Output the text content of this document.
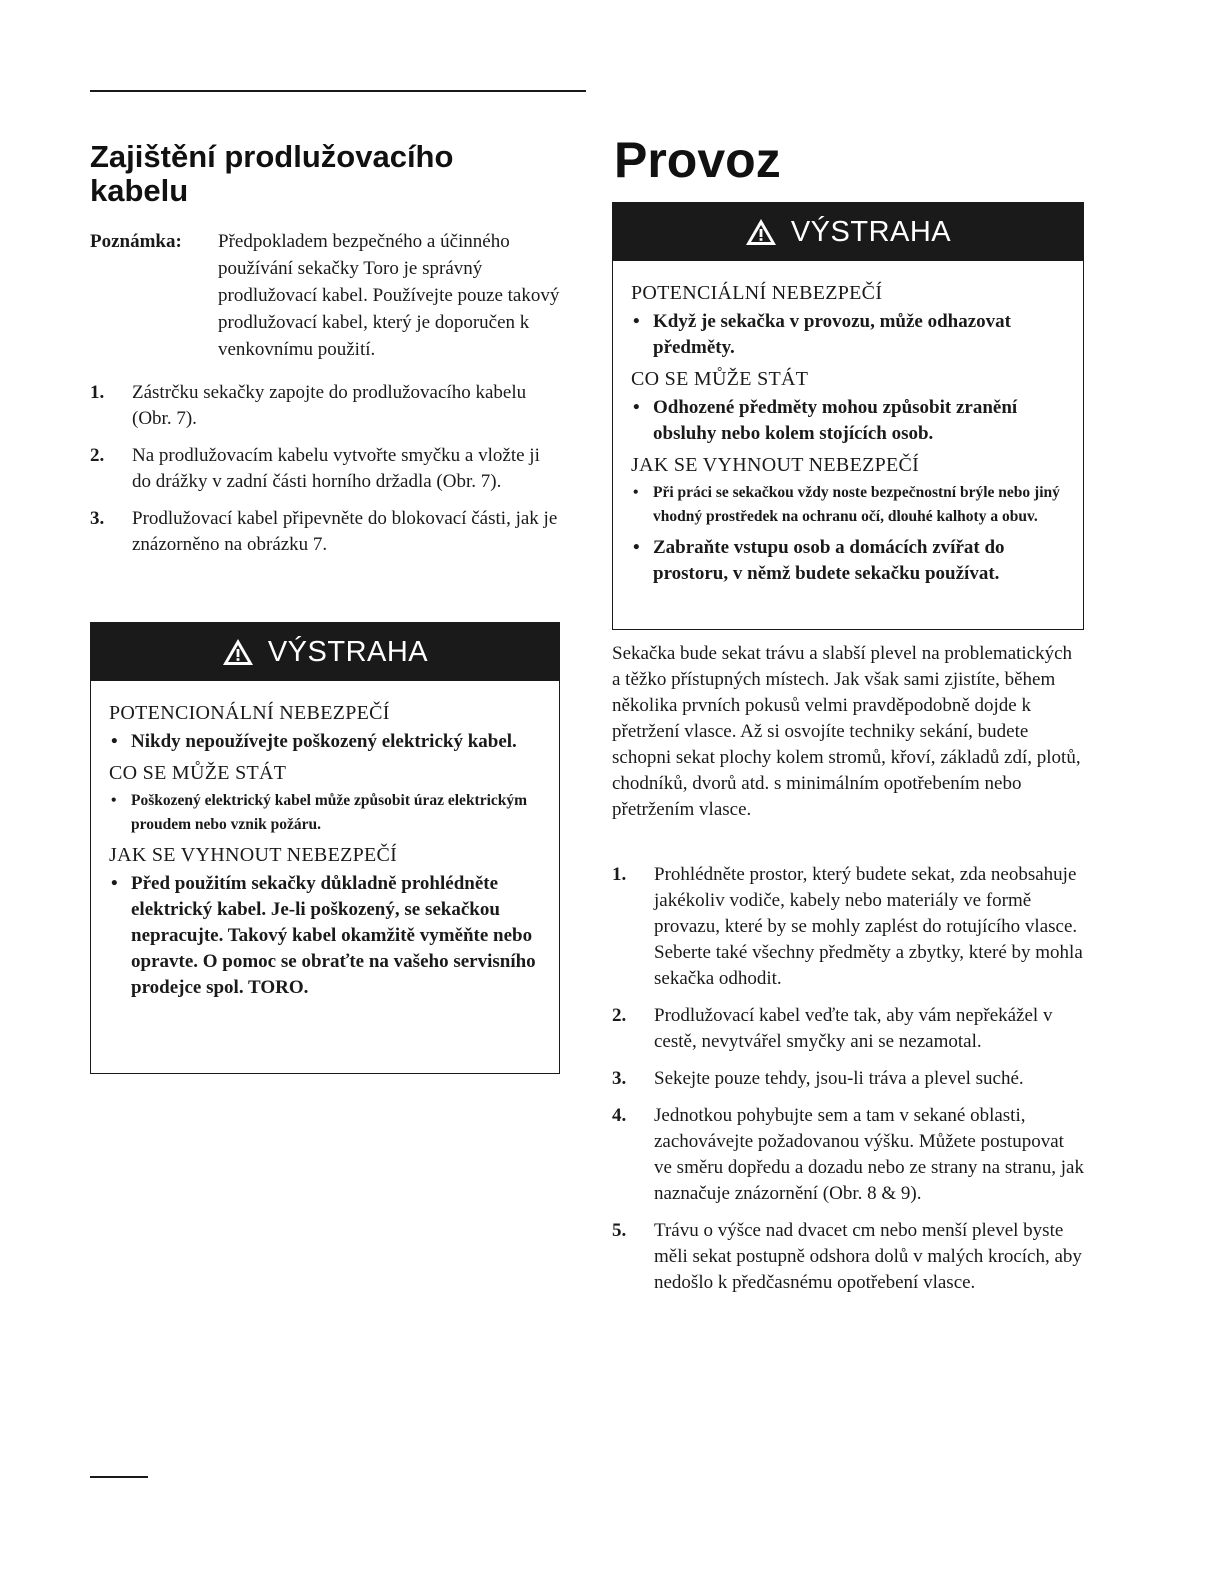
Zajištění prodlužovacího kabelu
Poznámka: Předpokladem bezpečného a účinného používání sekačky Toro je správný prodlužovací kabel. Používejte pouze takový prodlužovací kabel, který je doporučen k venkovnímu použití.
1. Zástrčku sekačky zapojte do prodlužovacího kabelu (Obr. 7).
2. Na prodlužovacím kabelu vytvořte smyčku a vložte ji do drážky v zadní části horního držadla (Obr. 7).
3. Prodlužovací kabel připevněte do blokovací části, jak je znázorněno na obrázku 7.
VÝSTRAHA
POTENCIONÁLNÍ NEBEZPEČÍ
• Nikdy nepoužívejte poškozený elektrický kabel.
CO SE MŮŽE STÁT
• Poškozený elektrický kabel může způsobit úraz elektrickým proudem nebo vznik požáru.
JAK SE VYHNOUT NEBEZPEČÍ
• Před použitím sekačky důkladně prohlédněte elektrický kabel. Je-li poškozený, se sekačkou nepracujte. Takový kabel okamžitě vyměňte nebo opravte. O pomoc se obraťte na vašeho servisního prodejce spol. TORO.
Provoz
VÝSTRAHA
POTENCIÁLNÍ NEBEZPEČÍ
• Když je sekačka v provozu, může odhazovat předměty.
CO SE MŮŽE STÁT
• Odhozené předměty mohou způsobit zranění obsluhy nebo kolem stojících osob.
JAK SE VYHNOUT NEBEZPEČÍ
• Při práci se sekačkou vždy noste bezpečnostní brýle nebo jiný vhodný prostředek na ochranu očí, dlouhé kalhoty a obuv.
• Zabraňte vstupu osob a domácích zvířat do prostoru, v němž budete sekačku používat.

Sekačka bude sekat trávu a slabší plevel na problematických a těžko přístupných místech. Jak však sami zjistíte, během několika prvních pokusů velmi pravděpodobně dojde k přetržení vlasce. Až si osvojíte techniky sekání, budete schopni sekat plochy kolem stromů, křoví, základů zdí, plotů, chodníků, dvorů atd. s minimálním opotřebením nebo přetržením vlasce.

1. Prohlédněte prostor, který budete sekat, zda neobsahuje jakékoliv vodiče, kabely nebo materiály ve formě provazu, které by se mohly zaplést do rotujícího vlasce. Seberte také všechny předměty a zbytky, které by mohla sekačka odhodit.
2. Prodlužovací kabel veďte tak, aby vám nepřekážel v cestě, nevytvářel smyčky ani se nezamotal.
3. Sekejte pouze tehdy, jsou-li tráva a plevel suché.
4. Jednotkou pohybujte sem a tam v sekané oblasti, zachovávejte požadovanou výšku. Můžete postupovat ve směru dopředu a dozadu nebo ze strany na stranu, jak naznačuje znázornění (Obr. 8 & 9).
5. Trávu o výšce nad dvacet cm nebo menší plevel byste měli sekat postupně odshora dolů v malých krocích, aby nedošlo k předčasnému opotřebení vlasce.
